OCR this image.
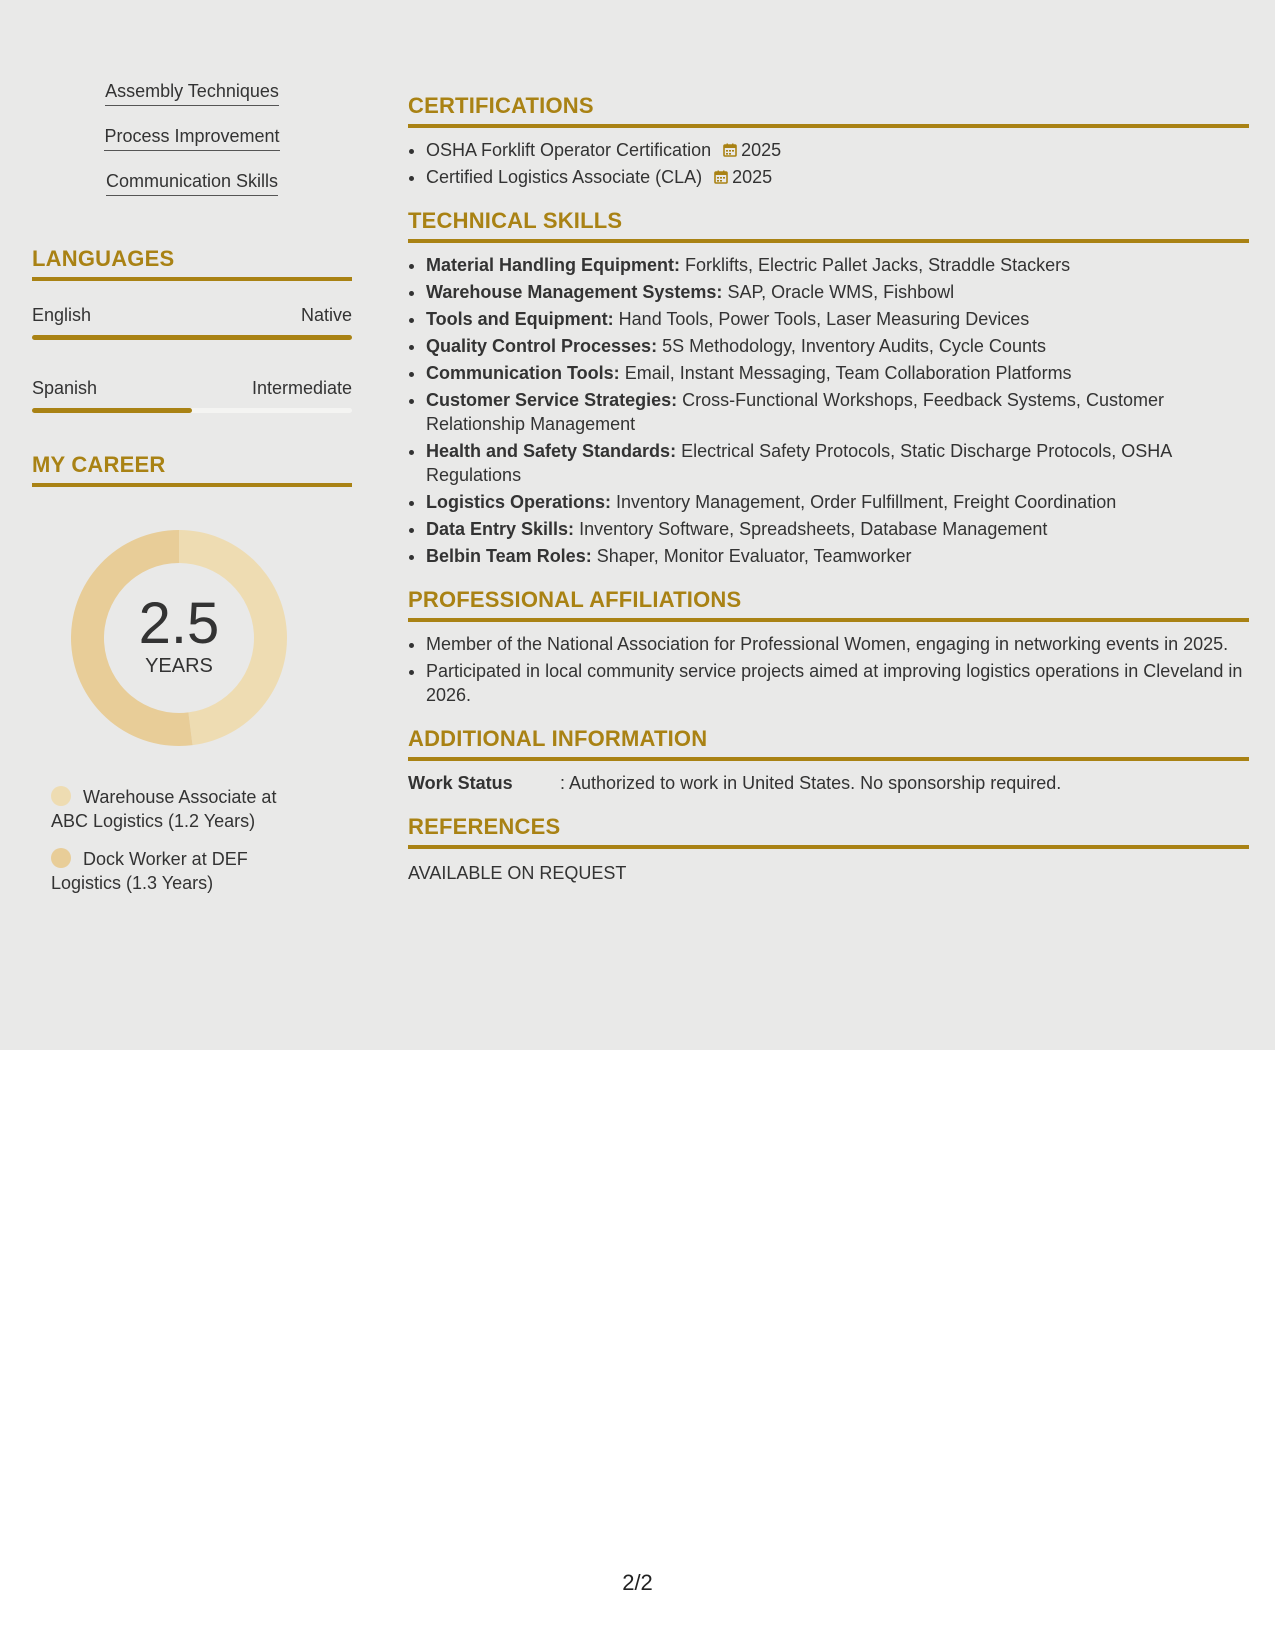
Assembly Techniques
Process Improvement
Communication Skills
LANGUAGES
English	Native
Spanish	Intermediate
MY CAREER
2.5
YEARS
Warehouse Associate at ABC Logistics (1.2 Years)
Dock Worker at DEF Logistics (1.3 Years)
CERTIFICATIONS
• OSHA Forklift Operator Certification 2025
• Certified Logistics Associate (CLA) 2025
TECHNICAL SKILLS
• Material Handling Equipment: Forklifts, Electric Pallet Jacks, Straddle Stackers
• Warehouse Management Systems: SAP, Oracle WMS, Fishbowl
• Tools and Equipment: Hand Tools, Power Tools, Laser Measuring Devices
• Quality Control Processes: 5S Methodology, Inventory Audits, Cycle Counts
• Communication Tools: Email, Instant Messaging, Team Collaboration Platforms
• Customer Service Strategies: Cross-Functional Workshops, Feedback Systems, Customer Relationship Management
• Health and Safety Standards: Electrical Safety Protocols, Static Discharge Protocols, OSHA Regulations
• Logistics Operations: Inventory Management, Order Fulfillment, Freight Coordination
• Data Entry Skills: Inventory Software, Spreadsheets, Database Management
• Belbin Team Roles: Shaper, Monitor Evaluator, Teamworker
PROFESSIONAL AFFILIATIONS
• Member of the National Association for Professional Women, engaging in networking events in 2025.
• Participated in local community service projects aimed at improving logistics operations in Cleveland in 2026.
ADDITIONAL INFORMATION
Work Status	: Authorized to work in United States. No sponsorship required.
REFERENCES
AVAILABLE ON REQUEST
2/2
